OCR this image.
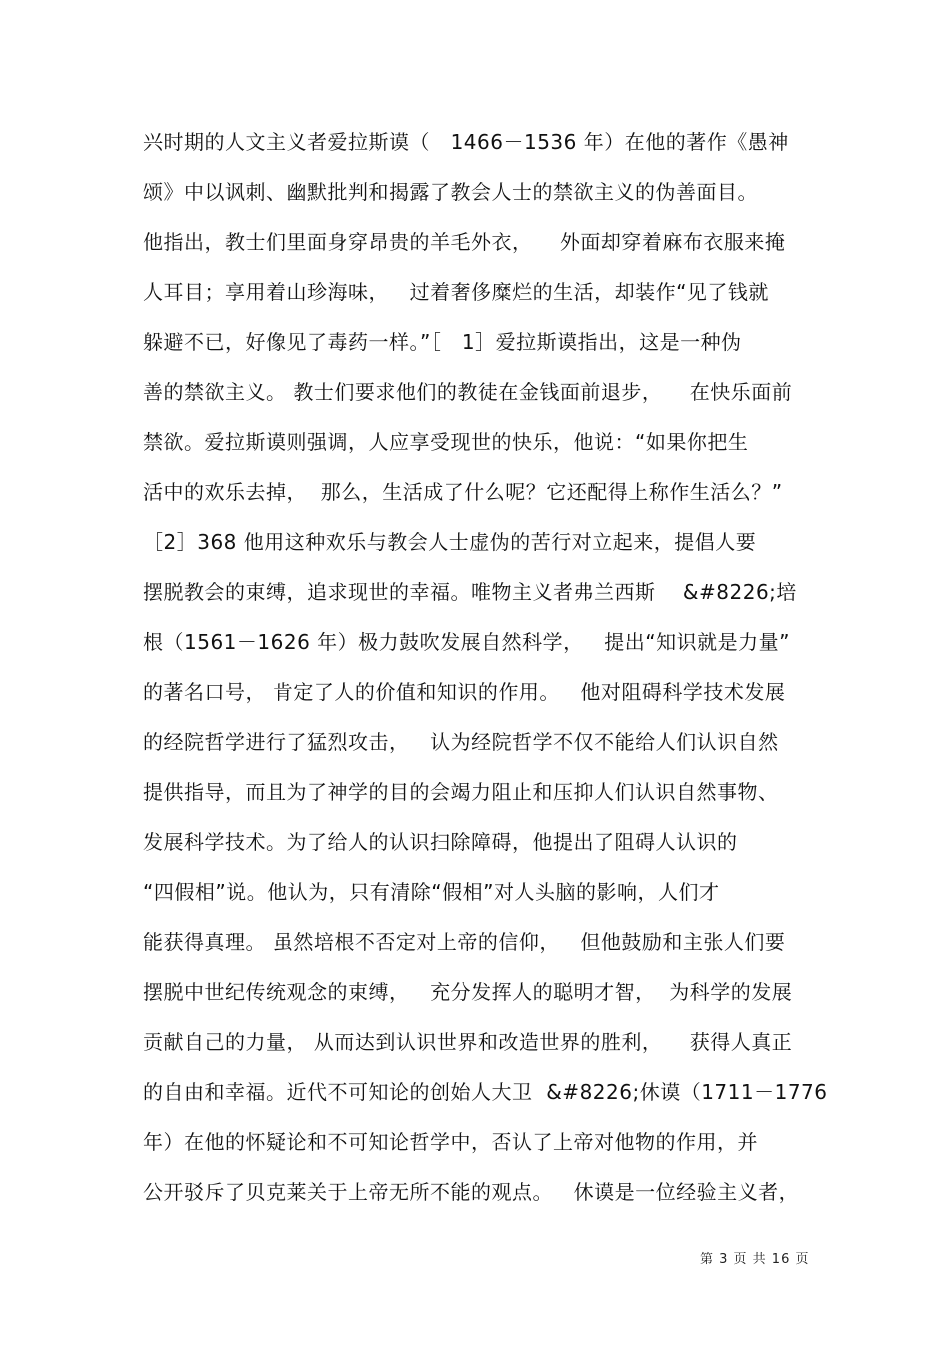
兴时期的人文主义者爱拉斯谟（   1466－1536 年）在他的著作《愚神
颂》中以讽刺、幽默批判和揭露了教会人士的禁欲主义的伪善面目。
他指出，教士们里面身穿昂贵的羊毛外衣，    外面却穿着麻布衣服来掩
人耳目；享用着山珍海味，   过着奢侈糜烂的生活，却装作“见了钱就
躲避不已，好像见了毒药一样。”［   1］爱拉斯谟指出，这是一种伪
善的禁欲主义。 教士们要求他们的教徒在金钱面前退步，    在快乐面前
禁欲。爱拉斯谟则强调，人应享受现世的快乐，他说：“如果你把生
活中的欢乐去掉，  那么，生活成了什么呢？它还配得上称作生活么？”
［2］368 他用这种欢乐与教会人士虚伪的苦行对立起来，提倡人要
摆脱教会的束缚，追求现世的幸福。唯物主义者弗兰西斯    &#8226;培
根（1561－1626 年）极力鼓吹发展自然科学，   提出“知识就是力量”
的著名口号， 肯定了人的价值和知识的作用。   他对阻碍科学技术发展
的经院哲学进行了猛烈攻击，   认为经院哲学不仅不能给人们认识自然
提供指导，而且为了神学的目的会竭力阻止和压抑人们认识自然事物、
发展科学技术。为了给人的认识扫除障碍，他提出了阻碍人认识的
“四假相”说。他认为，只有清除“假相”对人头脑的影响，人们才
能获得真理。 虽然培根不否定对上帝的信仰，   但他鼓励和主张人们要
摆脱中世纪传统观念的束缚，   充分发挥人的聪明才智，  为科学的发展
贡献自己的力量， 从而达到认识世界和改造世界的胜利，    获得人真正
的自由和幸福。近代不可知论的创始人大卫  &#8226;休谟（1711－1776
年）在他的怀疑论和不可知论哲学中，否认了上帝对他物的作用，并
公开驳斥了贝克莱关于上帝无所不能的观点。   休谟是一位经验主义者，
第 3 页 共 16 页
